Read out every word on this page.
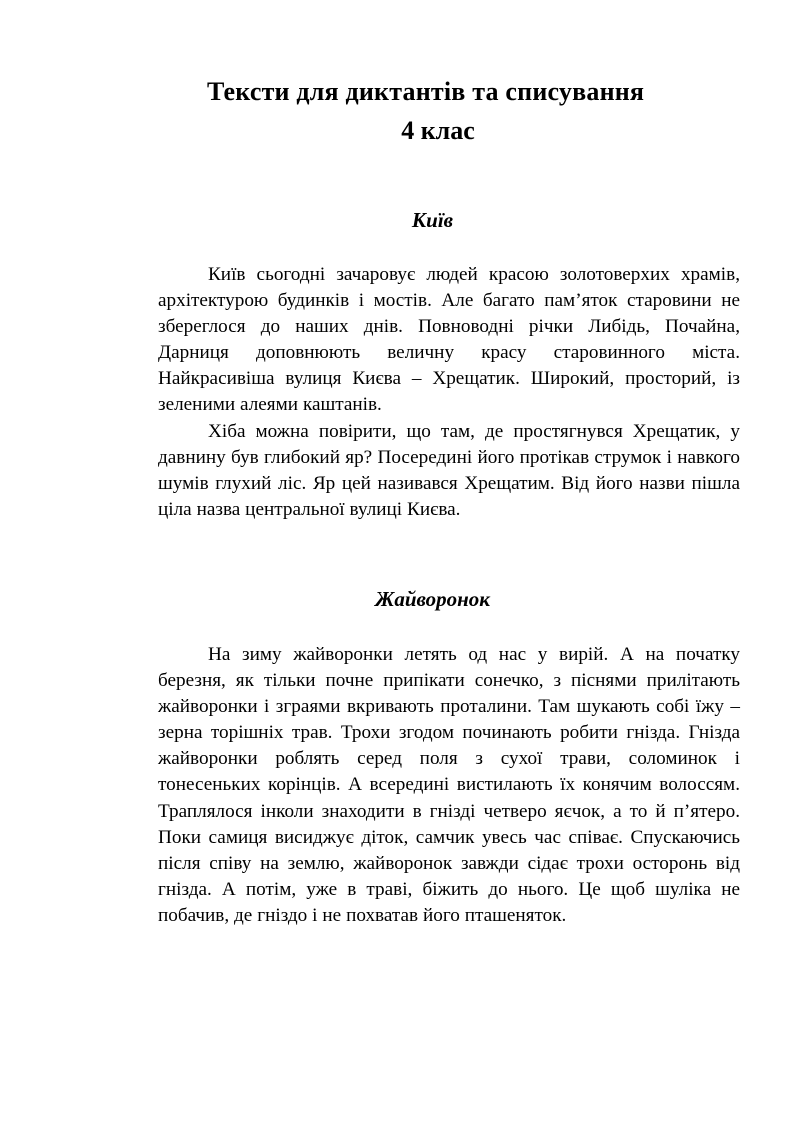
Тексти для диктантів та списування
4 клас
Київ

Київ сьогодні зачаровує людей красою золотоверхих храмів, архітектурою будинків і мостів. Але багато пам’яток старовини не збереглося до наших днів. Повноводні річки Либідь, Почайна, Дарниця доповнюють величну красу старовинного міста. Найкрасивіша вулиця Києва – Хрещатик. Широкий, просторий, із зеленими алеями каштанів.

Хіба можна повірити, що там, де простягнувся Хрещатик, у давнину був глибокий яр? Посередині його протікав струмок і навкого шумів глухий ліс. Яр цей називався Хрещатим. Від його назви пішла ціла назва центральної вулиці Києва.

Жайворонок

На зиму жайворонки летять од нас у вирій. А на початку березня, як тільки почне припікати сонечко, з піснями прилітають жайворонки і зграями вкривають проталини. Там шукають собі їжу – зерна торішніх трав. Трохи згодом починають робити гнізда. Гнізда жайворонки роблять серед поля з сухої трави, соломинок і тонесеньких корінців. А всередині вистилають їх конячим волоссям. Траплялося інколи знаходити в гнізді четверо яєчок, а то й п’ятеро. Поки самиця висиджує діток, самчик увесь час співає. Спускаючись після співу на землю, жайворонок завжди сідає трохи осторонь від гнізда. А потім, уже в траві, біжить до нього. Це щоб шуліка не побачив, де гніздо і не похватав його пташеняток.
